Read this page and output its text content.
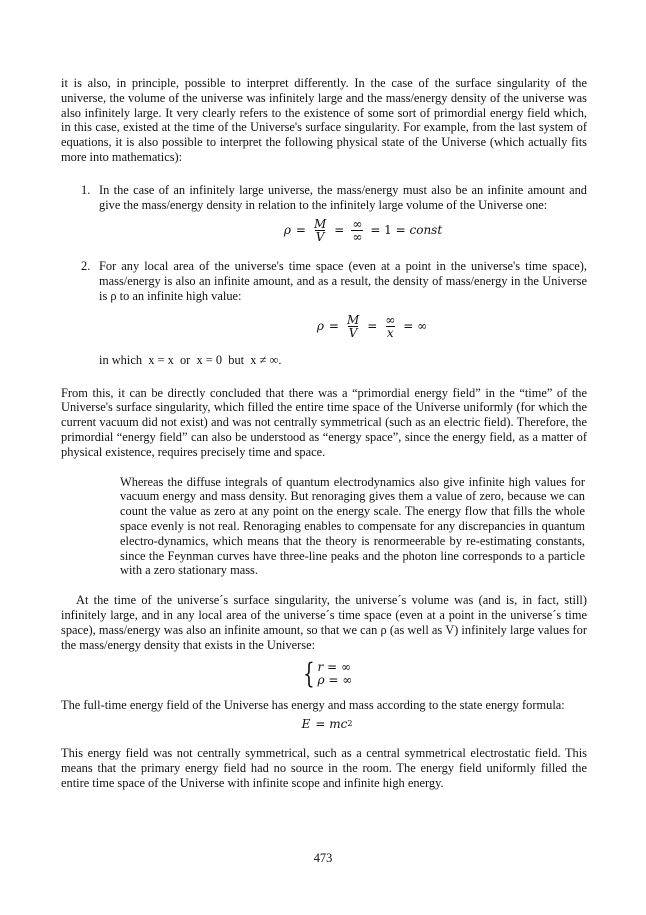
it is also, in principle, possible to interpret differently. In the case of the surface singularity of the universe, the volume of the universe was infinitely large and the mass/energy density of the universe was also infinitely large. It very clearly refers to the existence of some sort of primordial energy field which, in this case, existed at the time of the Universe's surface singularity. For example, from the last system of equations, it is also possible to interpret the following physical state of the Universe (which actually fits more into mathematics):

1. In the case of an infinitely large universe, the mass/energy must also be an infinite amount and give the mass/energy density in relation to the infinitely large volume of the Universe one:
$\rho = \frac{M}{V} = \frac{\infty}{\infty} = 1$ = const
2. For any local area of the universe's time space (even at a point in the universe's time space), mass/energy is also an infinite amount, and as a result, the density of mass/energy in the Universe is ρ to an infinite high value:
$\rho = \frac{M}{V} = \frac{\infty}{x}$ = ∞

in which  x = x  or  x = 0  but  x ≠ ∞.

From this, it can be directly concluded that there was a “primordial energy field” in the “time” of the Universe's surface singularity, which filled the entire time space of the Universe uniformly (for which the current vacuum did not exist) and was not centrally symmetrical (such as an electric field). Therefore, the primordial “energy field” can also be understood as “energy space”, since the energy field, as a matter of physical existence, requires precisely time and space.

Whereas the diffuse integrals of quantum electrodynamics also give infinite high values for vacuum energy and mass density. But renoraging gives them a value of zero, because we can count the value as zero at any point on the energy scale. The energy flow that fills the whole space evenly is not real. Renoraging enables to compensate for any discrepancies in quantum electro-dynamics, which means that the theory is renormeerable by re-estimating constants, since the Feynman curves have three-line peaks and the photon line corresponds to a particle with a zero stationary mass.

At the time of the universe´s surface singularity, the universe´s volume was (and is, in fact, still) infinitely large, and in any local area of the universe´s time space (even at a point in the universe´s time space), mass/energy was also an infinite amount, so that we can ρ (as well as V) infinitely large values for the mass/energy density that exists in the Universe:

{ r = ∞
ρ = ∞

The full-time energy field of the Universe has energy and mass according to the state energy formula:

E = mc 2

This energy field was not centrally symmetrical, such as a central symmetrical electrostatic field. This means that the primary energy field had no source in the room. The energy field uniformly filled the entire time space of the Universe with infinite scope and infinite high energy.

473
